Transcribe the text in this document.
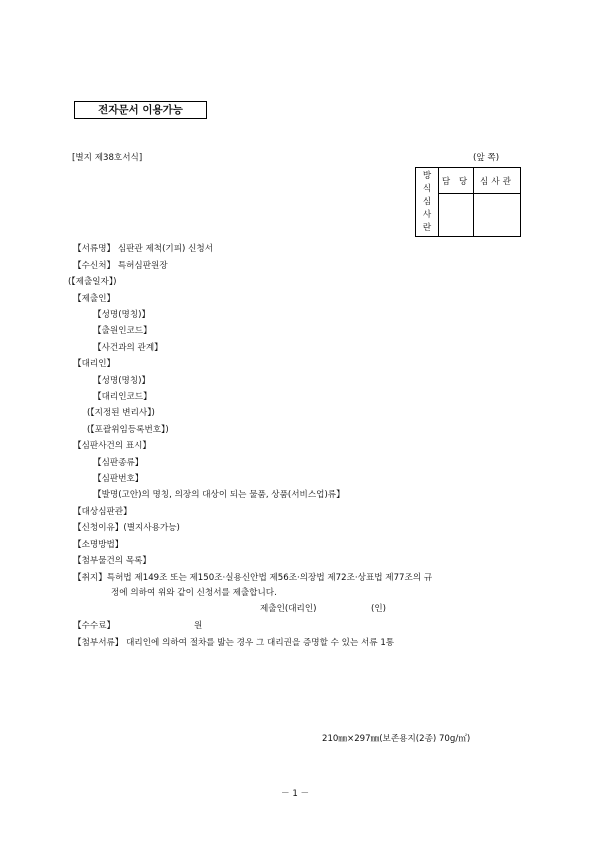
전자문서 이용가능
[별지 제38호서식]	(앞 쪽)
방
식
심
사
란	담 당	심사관

【서류명】 심판관 제척(기피) 신청서
【수신처】 특허심판원장
(【제출일자】)
【제출인】
【성명(명칭)】
【출원인코드】
【사건과의 관계】
【대리인】
【성명(명칭)】
【대리인코드】
(【지정된 변리사】)
(【포괄위임등록번호】)
【심판사건의 표시】
【심판종류】
【심판번호】
【발명(고안)의 명칭, 의장의 대상이 되는 물품, 상품(서비스업)류】
【대상심판관】
【신청이유】(별지사용가능)
【소명방법】
【첨부물건의 목록】
【취지】특허법 제149조 또는 제150조·실용신안법 제56조·의장법 제72조·상표법 제77조의 규
정에 의하여 위와 같이 신청서를 제출합니다.
제출인(대리인)	(인)
【수수료】	원
【첨부서류】 대리인에 의하여 절차를 밟는 경우 그 대리권을 증명할 수 있는 서류 1통
210㎜×297㎜(보존용지(2종) 70g/㎡)
－ 1 －
